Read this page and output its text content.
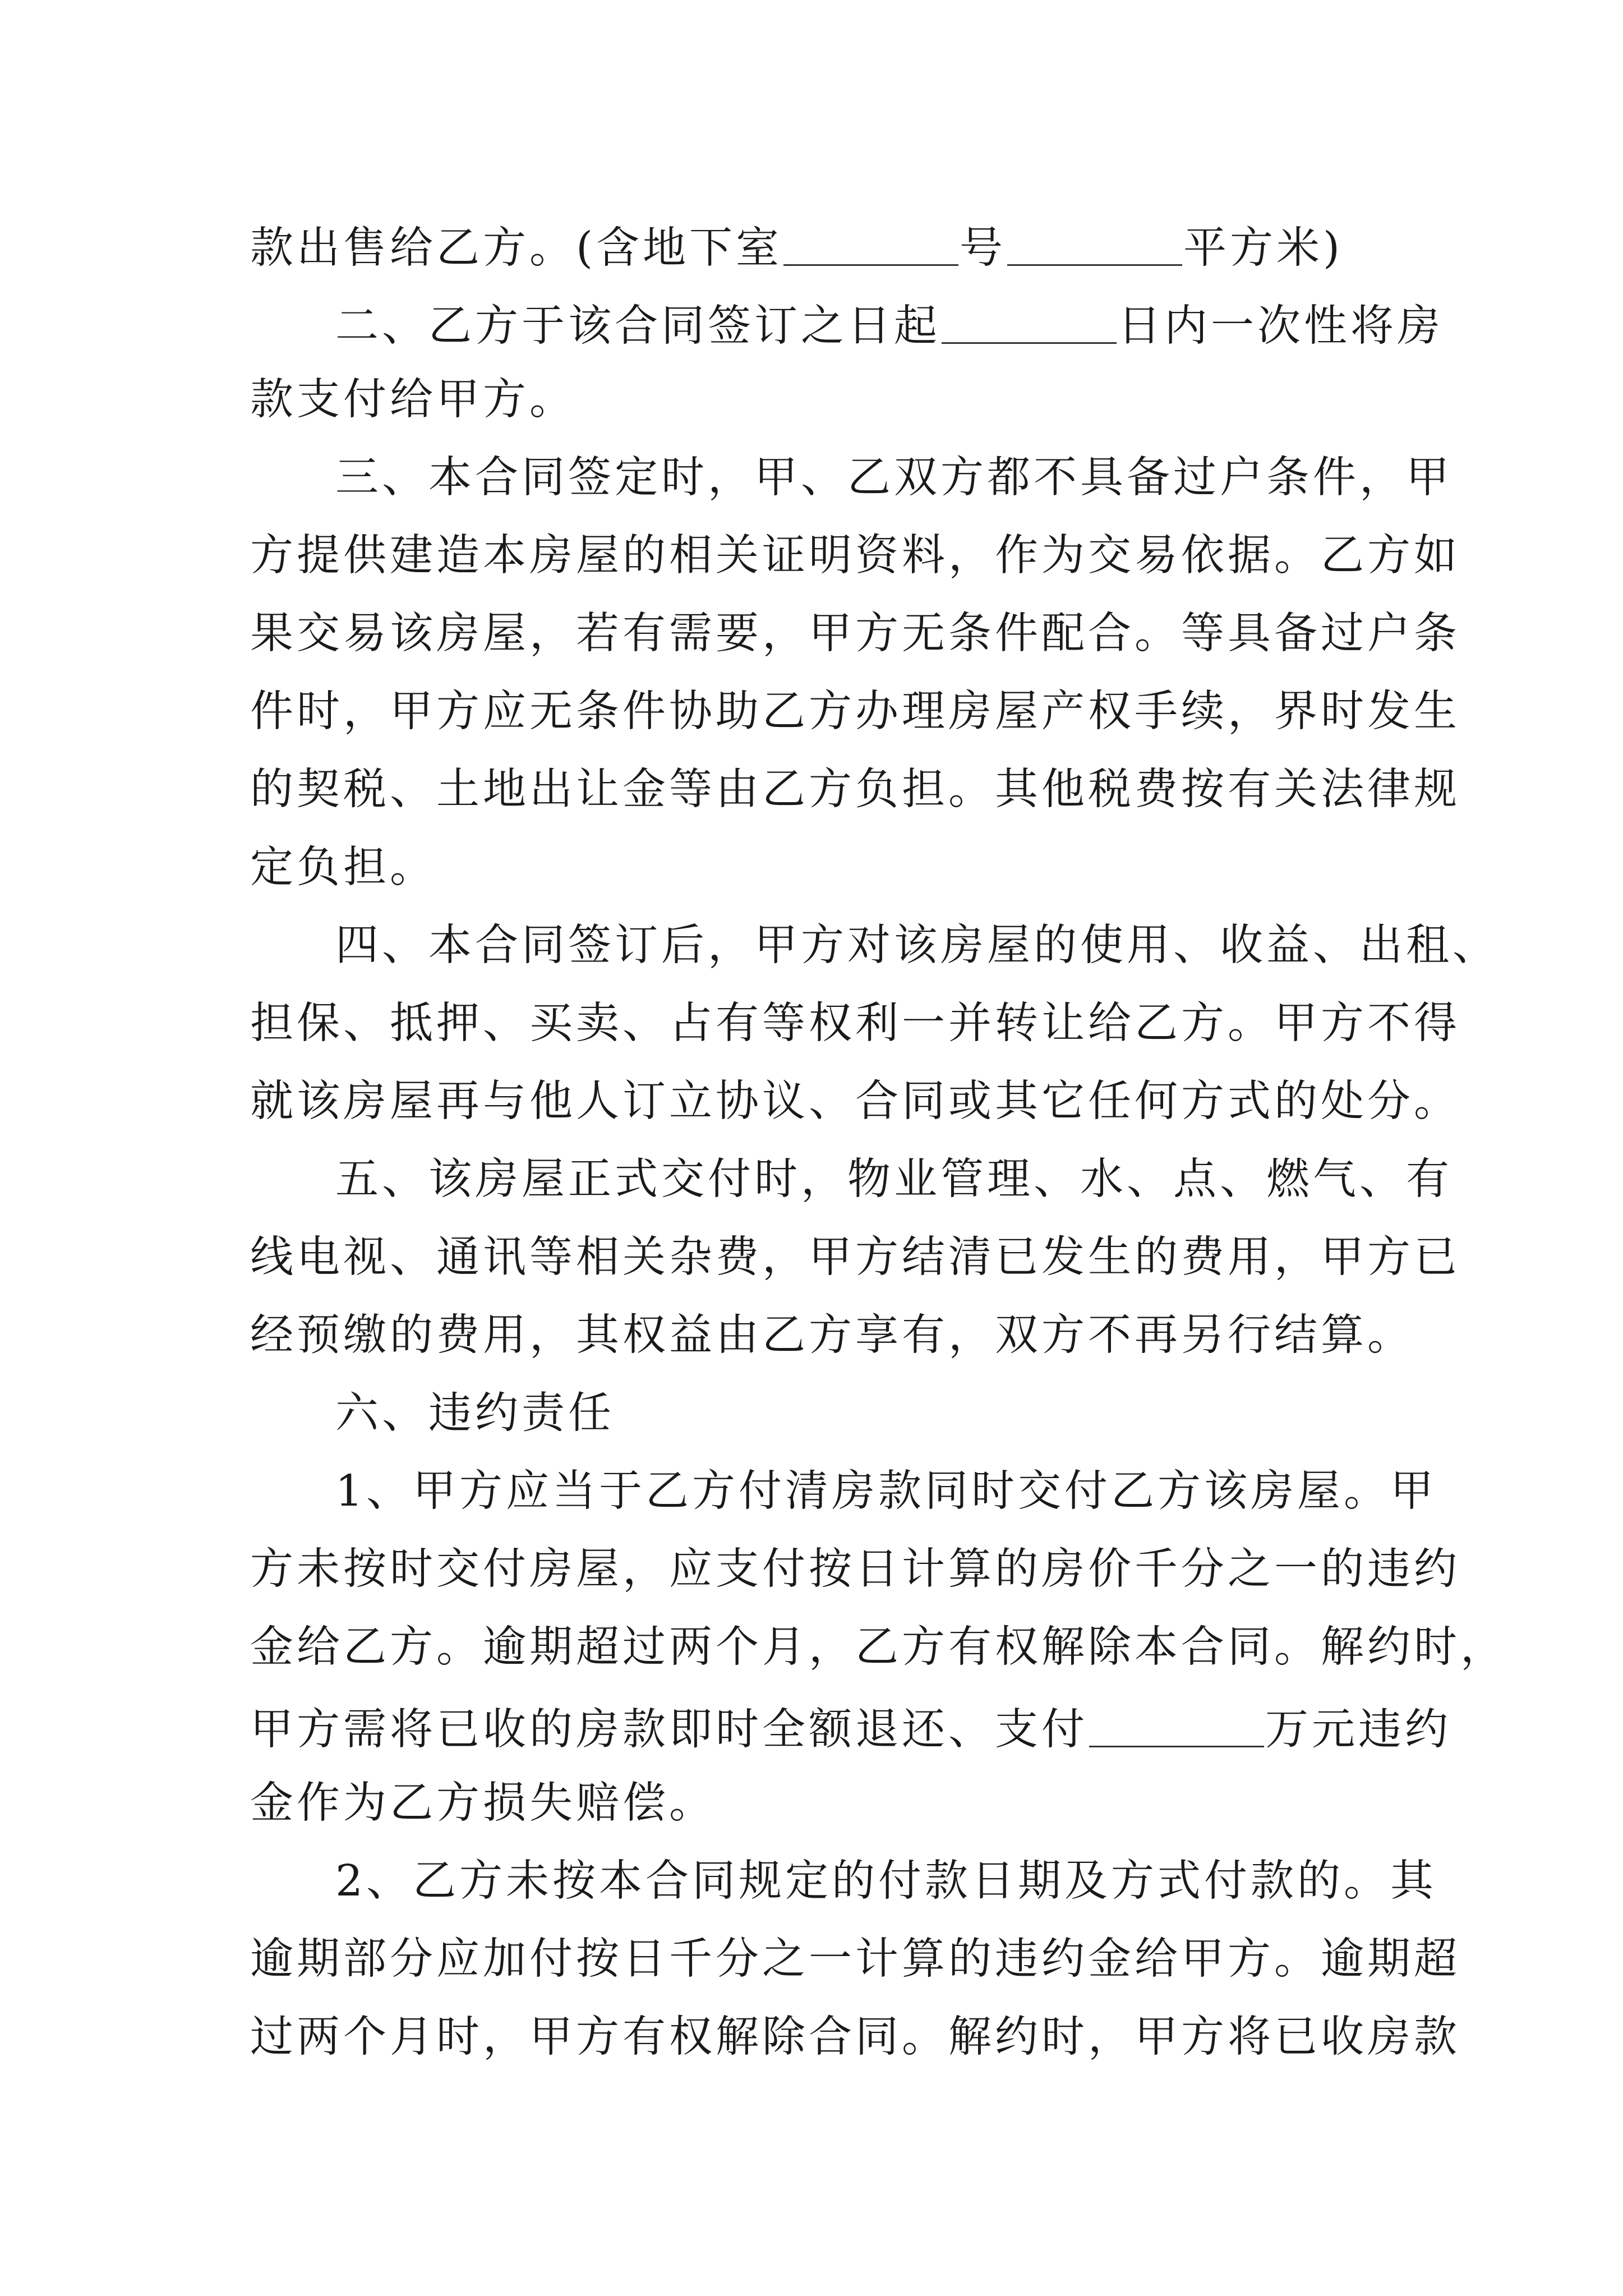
款出售给乙方。(含地下室	号	平方米)
二、乙方于该合同签订之日起	日内一次性将房
款支付给甲方。
三、本合同签定时，甲、乙双方都不具备过户条件，甲
方提供建造本房屋的相关证明资料，作为交易依据。乙方如
果交易该房屋，若有需要，甲方无条件配合。等具备过户条
件时，甲方应无条件协助乙方办理房屋产权手续，界时发生
的契税、土地出让金等由乙方负担。其他税费按有关法律规
定负担。
四、本合同签订后，甲方对该房屋的使用、收益、出租、
担保、抵押、买卖、占有等权利一并转让给乙方。甲方不得
就该房屋再与他人订立协议、合同或其它任何方式的处分。
五、该房屋正式交付时，物业管理、水、点、燃气、有
线电视、通讯等相关杂费，甲方结清已发生的费用，甲方已
经预缴的费用，其权益由乙方享有，双方不再另行结算。
六、违约责任
1、甲方应当于乙方付清房款同时交付乙方该房屋。甲
方未按时交付房屋，应支付按日计算的房价千分之一的违约
金给乙方。逾期超过两个月，乙方有权解除本合同。解约时，
甲方需将已收的房款即时全额退还、支付	万元违约
金作为乙方损失赔偿。
2、乙方未按本合同规定的付款日期及方式付款的。其
逾期部分应加付按日千分之一计算的违约金给甲方。逾期超
过两个月时，甲方有权解除合同。解约时，甲方将已收房款
